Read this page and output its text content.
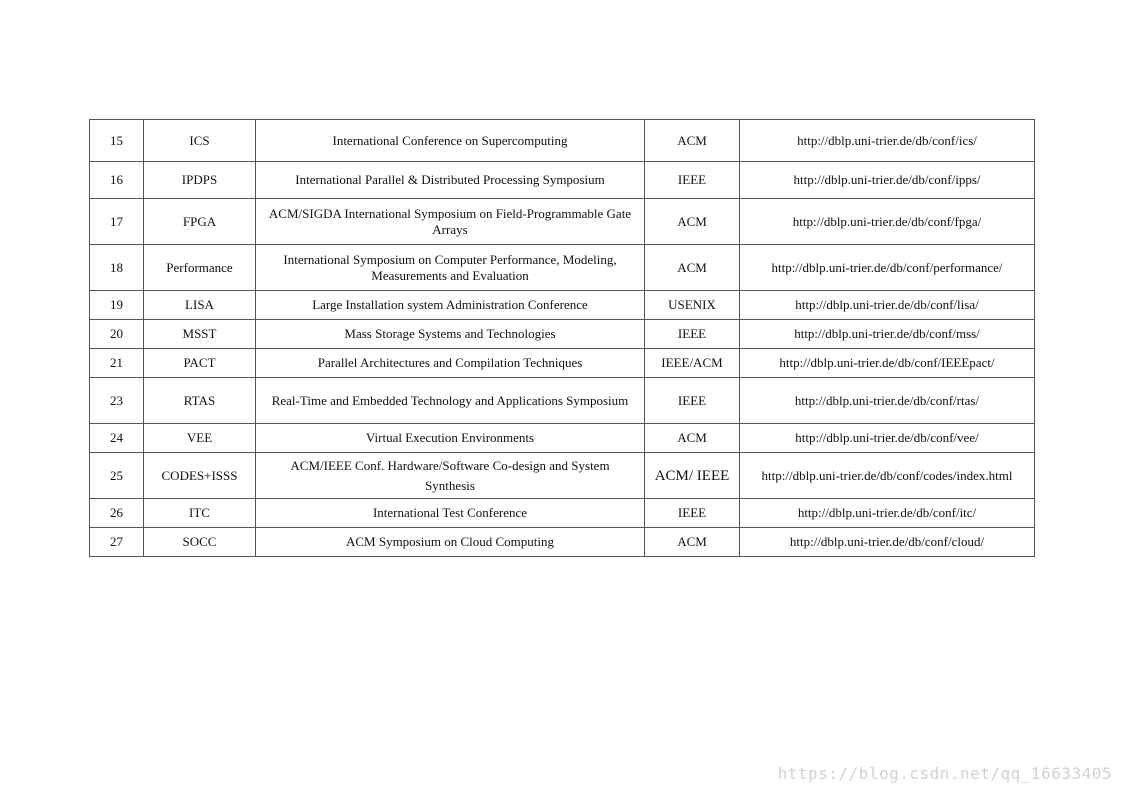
15	ICS	International Conference on Supercomputing	ACM	http://dblp.uni-trier.de/db/conf/ics/
16	IPDPS	International Parallel & Distributed Processing Symposium	IEEE	http://dblp.uni-trier.de/db/conf/ipps/
17	FPGA	ACM/SIGDA International Symposium on Field-Programmable Gate Arrays	ACM	http://dblp.uni-trier.de/db/conf/fpga/
18	Performance	International Symposium on Computer Performance, Modeling, Measurements and Evaluation	ACM	http://dblp.uni-trier.de/db/conf/performance/
19	LISA	Large Installation system Administration Conference	USENIX	http://dblp.uni-trier.de/db/conf/lisa/
20	MSST	Mass Storage Systems and Technologies	IEEE	http://dblp.uni-trier.de/db/conf/mss/
21	PACT	Parallel Architectures and Compilation Techniques	IEEE/ACM	http://dblp.uni-trier.de/db/conf/IEEEpact/
23	RTAS	Real-Time and Embedded Technology and Applications Symposium	IEEE	http://dblp.uni-trier.de/db/conf/rtas/
24	VEE	Virtual Execution Environments	ACM	http://dblp.uni-trier.de/db/conf/vee/
25	CODES+ISSS	ACM/IEEE Conf. Hardware/Software Co-design and System Synthesis	ACM/ IEEE	http://dblp.uni-trier.de/db/conf/codes/index.html
26	ITC	International Test Conference	IEEE	http://dblp.uni-trier.de/db/conf/itc/
27	SOCC	ACM Symposium on Cloud Computing	ACM	http://dblp.uni-trier.de/db/conf/cloud/
https://blog.csdn.net/qq_16633405
